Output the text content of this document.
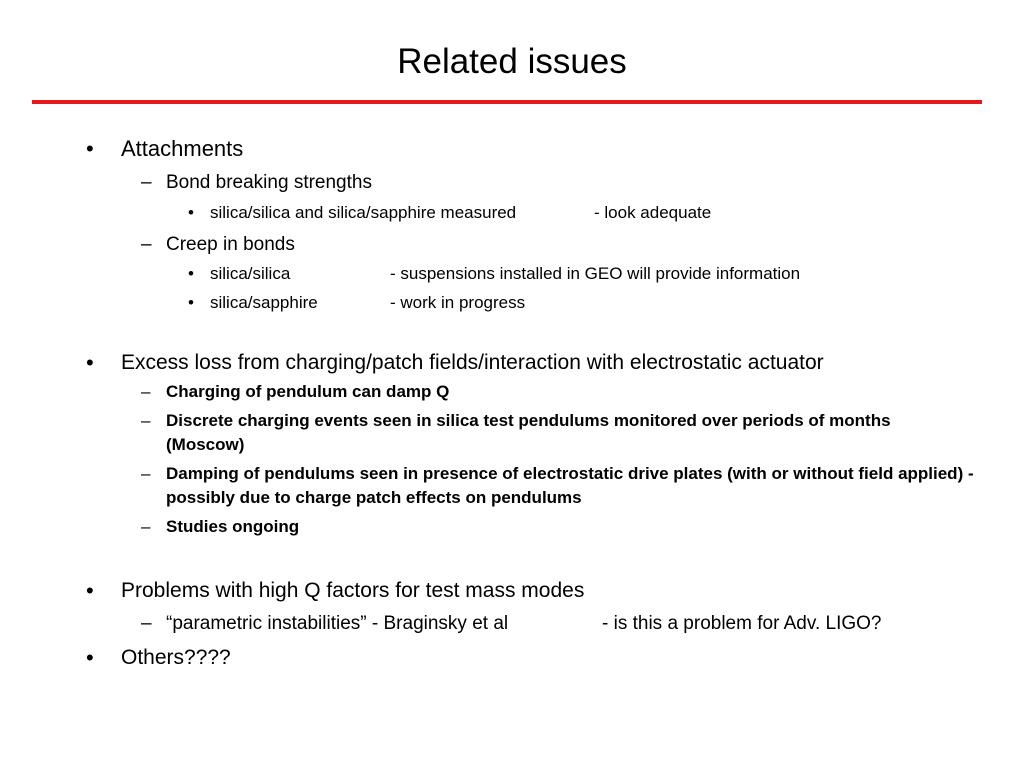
Related issues
• Attachments
– Bond breaking strengths
• silica/silica and silica/sapphire measured	- look adequate
– Creep in bonds
• silica/silica	- suspensions installed in GEO will provide information
• silica/sapphire	- work in progress
• Excess loss from charging/patch fields/interaction with electrostatic actuator
– Charging of pendulum can damp Q
– Discrete charging events seen in silica test pendulums monitored over periods of months (Moscow)
– Damping of pendulums seen in presence of electrostatic drive plates (with or without field applied) - possibly due to charge patch effects on pendulums
– Studies ongoing
• Problems with high Q factors for test mass modes
– “parametric instabilities” - Braginsky et al	- is this a problem for Adv. LIGO?
• Others????
